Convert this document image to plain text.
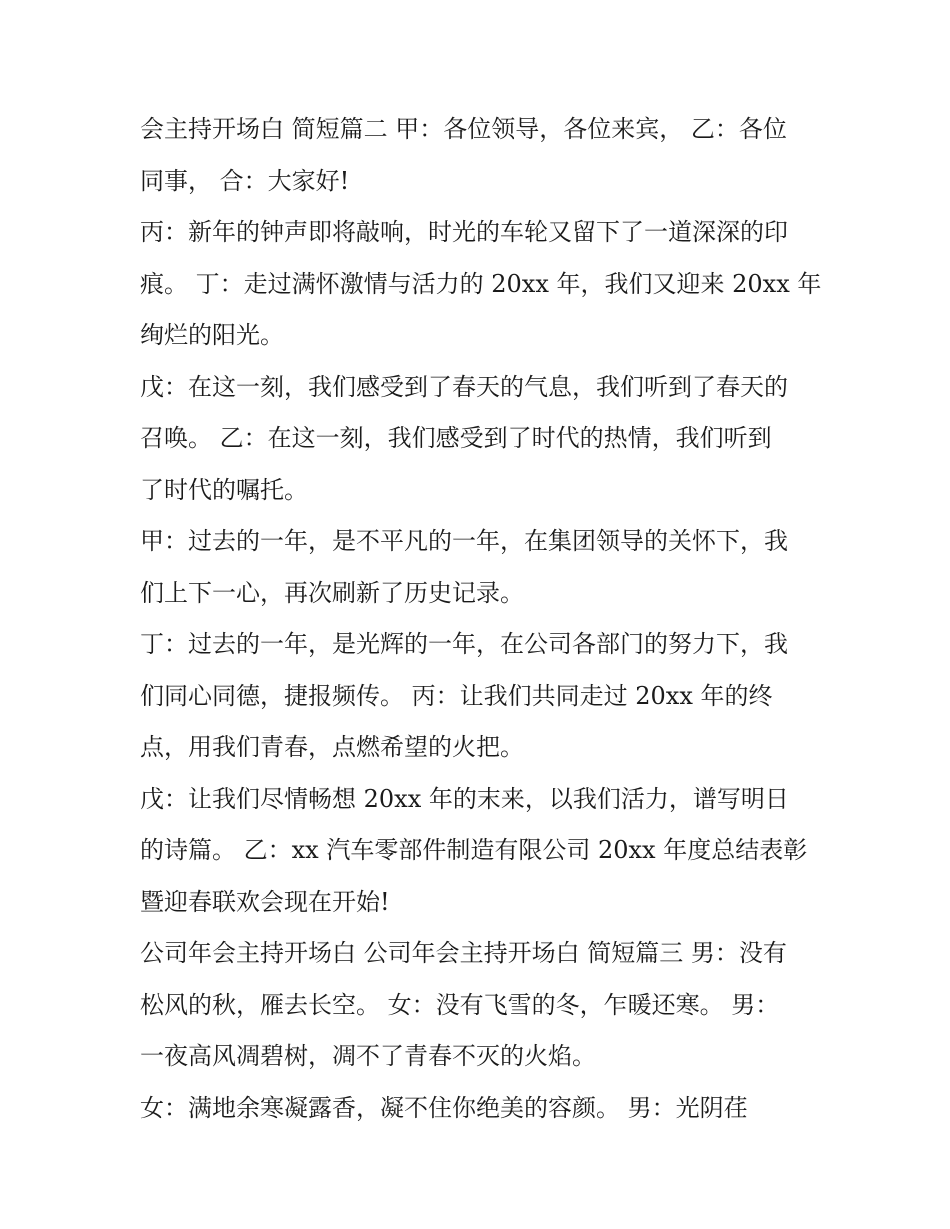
会主持开场白 简短篇二 甲：各位领导，各位来宾， 乙：各位
同事， 合：大家好!
丙：新年的钟声即将敲响，时光的车轮又留下了一道深深的印
痕。 丁：走过满怀激情与活力的 20xx 年，我们又迎来 20xx 年
绚烂的阳光。
戊：在这一刻，我们感受到了春天的气息，我们听到了春天的
召唤。 乙：在这一刻，我们感受到了时代的热情，我们听到
了时代的嘱托。
甲：过去的一年，是不平凡的一年，在集团领导的关怀下，我
们上下一心，再次刷新了历史记录。
丁：过去的一年，是光辉的一年，在公司各部门的努力下，我
们同心同德，捷报频传。 丙：让我们共同走过 20xx 年的终
点，用我们青春，点燃希望的火把。
戊：让我们尽情畅想 20xx 年的末来，以我们活力，谱写明日
的诗篇。 乙：xx 汽车零部件制造有限公司 20xx 年度总结表彰
暨迎春联欢会现在开始!
公司年会主持开场白 公司年会主持开场白 简短篇三 男：没有
松风的秋，雁去长空。 女：没有飞雪的冬，乍暖还寒。 男：
一夜高风凋碧树，凋不了青春不灭的火焰。
女：满地余寒凝露香，凝不住你绝美的容颜。 男：光阴荏
